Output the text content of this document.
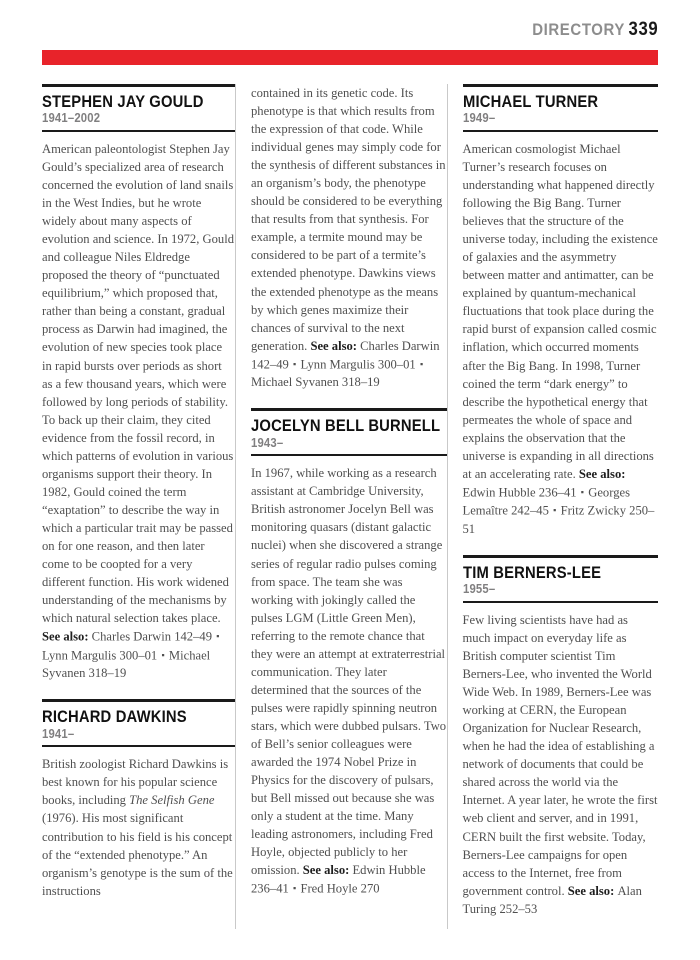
DIRECTORY 339
STEPHEN JAY GOULD
1941–2002

American paleontologist Stephen Jay Gould’s specialized area of research concerned the evolution of land snails in the West Indies, but he wrote widely about many aspects of evolution and science. In 1972, Gould and colleague Niles Eldredge proposed the theory of “punctuated equilibrium,” which proposed that, rather than being a constant, gradual process as Darwin had imagined, the evolution of new species took place in rapid bursts over periods as short as a few thousand years, which were followed by long periods of stability. To back up their claim, they cited evidence from the fossil record, in which patterns of evolution in various organisms support their theory. In 1982, Gould coined the term “exaptation” to describe the way in which a particular trait may be passed on for one reason, and then later come to be coopted for a very different function. His work widened understanding of the mechanisms by which natural selection takes place. See also: Charles Darwin 142–49 ▪ Lynn Margulis 300–01 ▪ Michael Syvanen 318–19

RICHARD DAWKINS
1941–

British zoologist Richard Dawkins is best known for his popular science books, including The Selfish Gene (1976). His most significant contribution to his field is his concept of the “extended phenotype.” An organism’s genotype is the sum of the instructions

contained in its genetic code. Its phenotype is that which results from the expression of that code. While individual genes may simply code for the synthesis of different substances in an organism’s body, the phenotype should be considered to be everything that results from that synthesis. For example, a termite mound may be considered to be part of a termite’s extended phenotype. Dawkins views the extended phenotype as the means by which genes maximize their chances of survival to the next generation. See also: Charles Darwin 142–49 ▪ Lynn Margulis 300–01 ▪ Michael Syvanen 318–19

JOCELYN BELL BURNELL
1943–

In 1967, while working as a research assistant at Cambridge University, British astronomer Jocelyn Bell was monitoring quasars (distant galactic nuclei) when she discovered a strange series of regular radio pulses coming from space. The team she was working with jokingly called the pulses LGM (Little Green Men), referring to the remote chance that they were an attempt at extraterrestrial communication. They later determined that the sources of the pulses were rapidly spinning neutron stars, which were dubbed pulsars. Two of Bell’s senior colleagues were awarded the 1974 Nobel Prize in Physics for the discovery of pulsars, but Bell missed out because she was only a student at the time. Many leading astronomers, including Fred Hoyle, objected publicly to her omission. See also: Edwin Hubble 236–41 ▪ Fred Hoyle 270

MICHAEL TURNER
1949–

American cosmologist Michael Turner’s research focuses on understanding what happened directly following the Big Bang. Turner believes that the structure of the universe today, including the existence of galaxies and the asymmetry between matter and antimatter, can be explained by quantum-mechanical fluctuations that took place during the rapid burst of expansion called cosmic inflation, which occurred moments after the Big Bang. In 1998, Turner coined the term “dark energy” to describe the hypothetical energy that permeates the whole of space and explains the observation that the universe is expanding in all directions at an accelerating rate. See also: Edwin Hubble 236–41 ▪ Georges Lemaître 242–45 ▪ Fritz Zwicky 250–51

TIM BERNERS-LEE
1955–

Few living scientists have had as much impact on everyday life as British computer scientist Tim Berners-Lee, who invented the World Wide Web. In 1989, Berners-Lee was working at CERN, the European Organization for Nuclear Research, when he had the idea of establishing a network of documents that could be shared across the world via the Internet. A year later, he wrote the first web client and server, and in 1991, CERN built the first website. Today, Berners-Lee campaigns for open access to the Internet, free from government control. See also: Alan Turing 252–53
